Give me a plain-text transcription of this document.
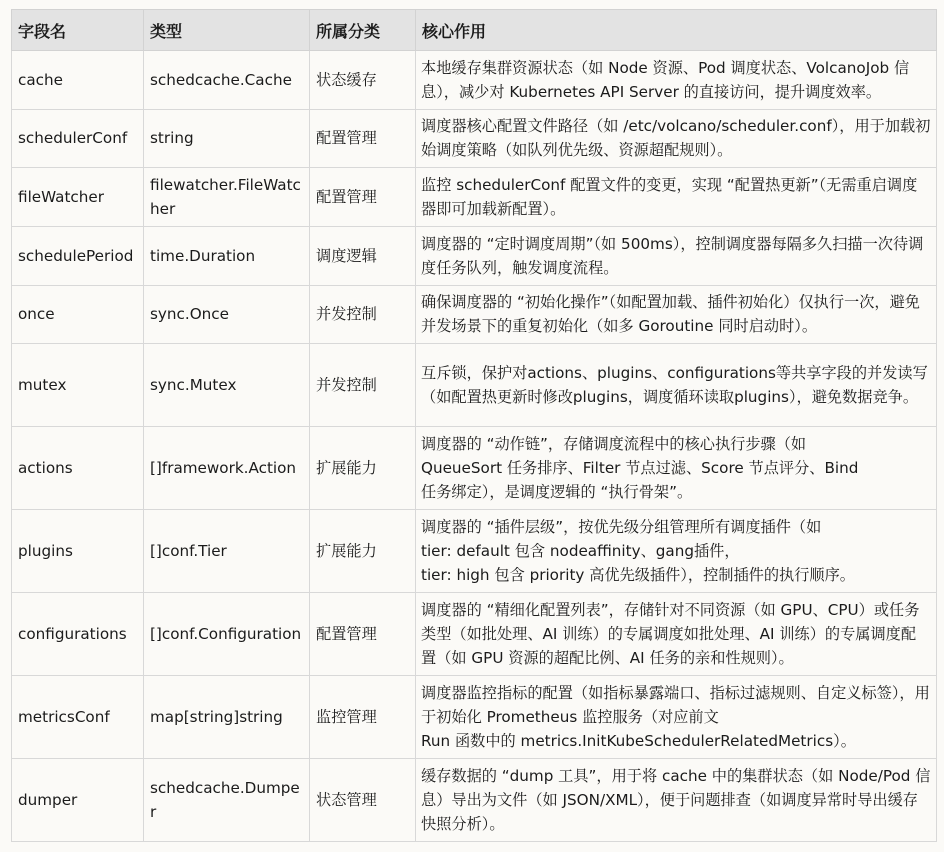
字段名	类型	所属分类	核心作用
cache	schedcache.Cache	状态缓存	本地缓存集群资源状态（如 Node 资源、Pod 调度状态、VolcanoJob 信息），减少对 Kubernetes API Server 的直接访问，提升调度效率。
schedulerConf	string	配置管理	调度器核心配置文件路径（如 /etc/volcano/scheduler.conf），用于加载初始调度策略（如队列优先级、资源超配规则）。
fileWatcher	filewatcher.FileWatcher	配置管理	监控 schedulerConf 配置文件的变更，实现 “配置热更新”（无需重启调度器即可加载新配置）。
schedulePeriod	time.Duration	调度逻辑	调度器的 “定时调度周期”（如 500ms），控制调度器每隔多久扫描一次待调度任务队列，触发调度流程。
once	sync.Once	并发控制	确保调度器的 “初始化操作”（如配置加载、插件初始化）仅执行一次，避免并发场景下的重复初始化（如多 Goroutine 同时启动时）。
mutex	sync.Mutex	并发控制	互斥锁，保护对actions、plugins、configurations等共享字段的并发读写（如配置热更新时修改plugins，调度循环读取plugins），避免数据竞争。
actions	[]framework.Action	扩展能力	调度器的 “动作链”，存储调度流程中的核心执行步骤（如
QueueSort 任务排序、Filter 节点过滤、Score 节点评分、Bind
任务绑定），是调度逻辑的 “执行骨架”。

plugins	[]conf.Tier	扩展能力	调度器的 “插件层级”，按优先级分组管理所有调度插件（如
tier: default 包含 nodeaffinity、gang插件，
tier: high 包含 priority 高优先级插件），控制插件的执行顺序。

configurations	[]conf.Configuration	配置管理	调度器的 “精细化配置列表”，存储针对不同资源（如 GPU、CPU）或任务类型（如批处理、AI 训练）的专属调度如批处理、AI 训练）的专属调度配置（如 GPU 资源的超配比例、AI 任务的亲和性规则）。
metricsConf	map[string]string	监控管理	调度器监控指标的配置（如指标暴露端口、指标过滤规则、自定义标签），用于初始化 Prometheus 监控服务（对应前文
Run 函数中的 metrics.InitKubeSchedulerRelatedMetrics）。

dumper	schedcache.Dumper	状态管理	缓存数据的 “dump 工具”，用于将 cache 中的集群状态（如 Node/Pod 信息）导出为文件（如 JSON/XML），便于问题排查（如调度异常时导出缓存快照分析）。
